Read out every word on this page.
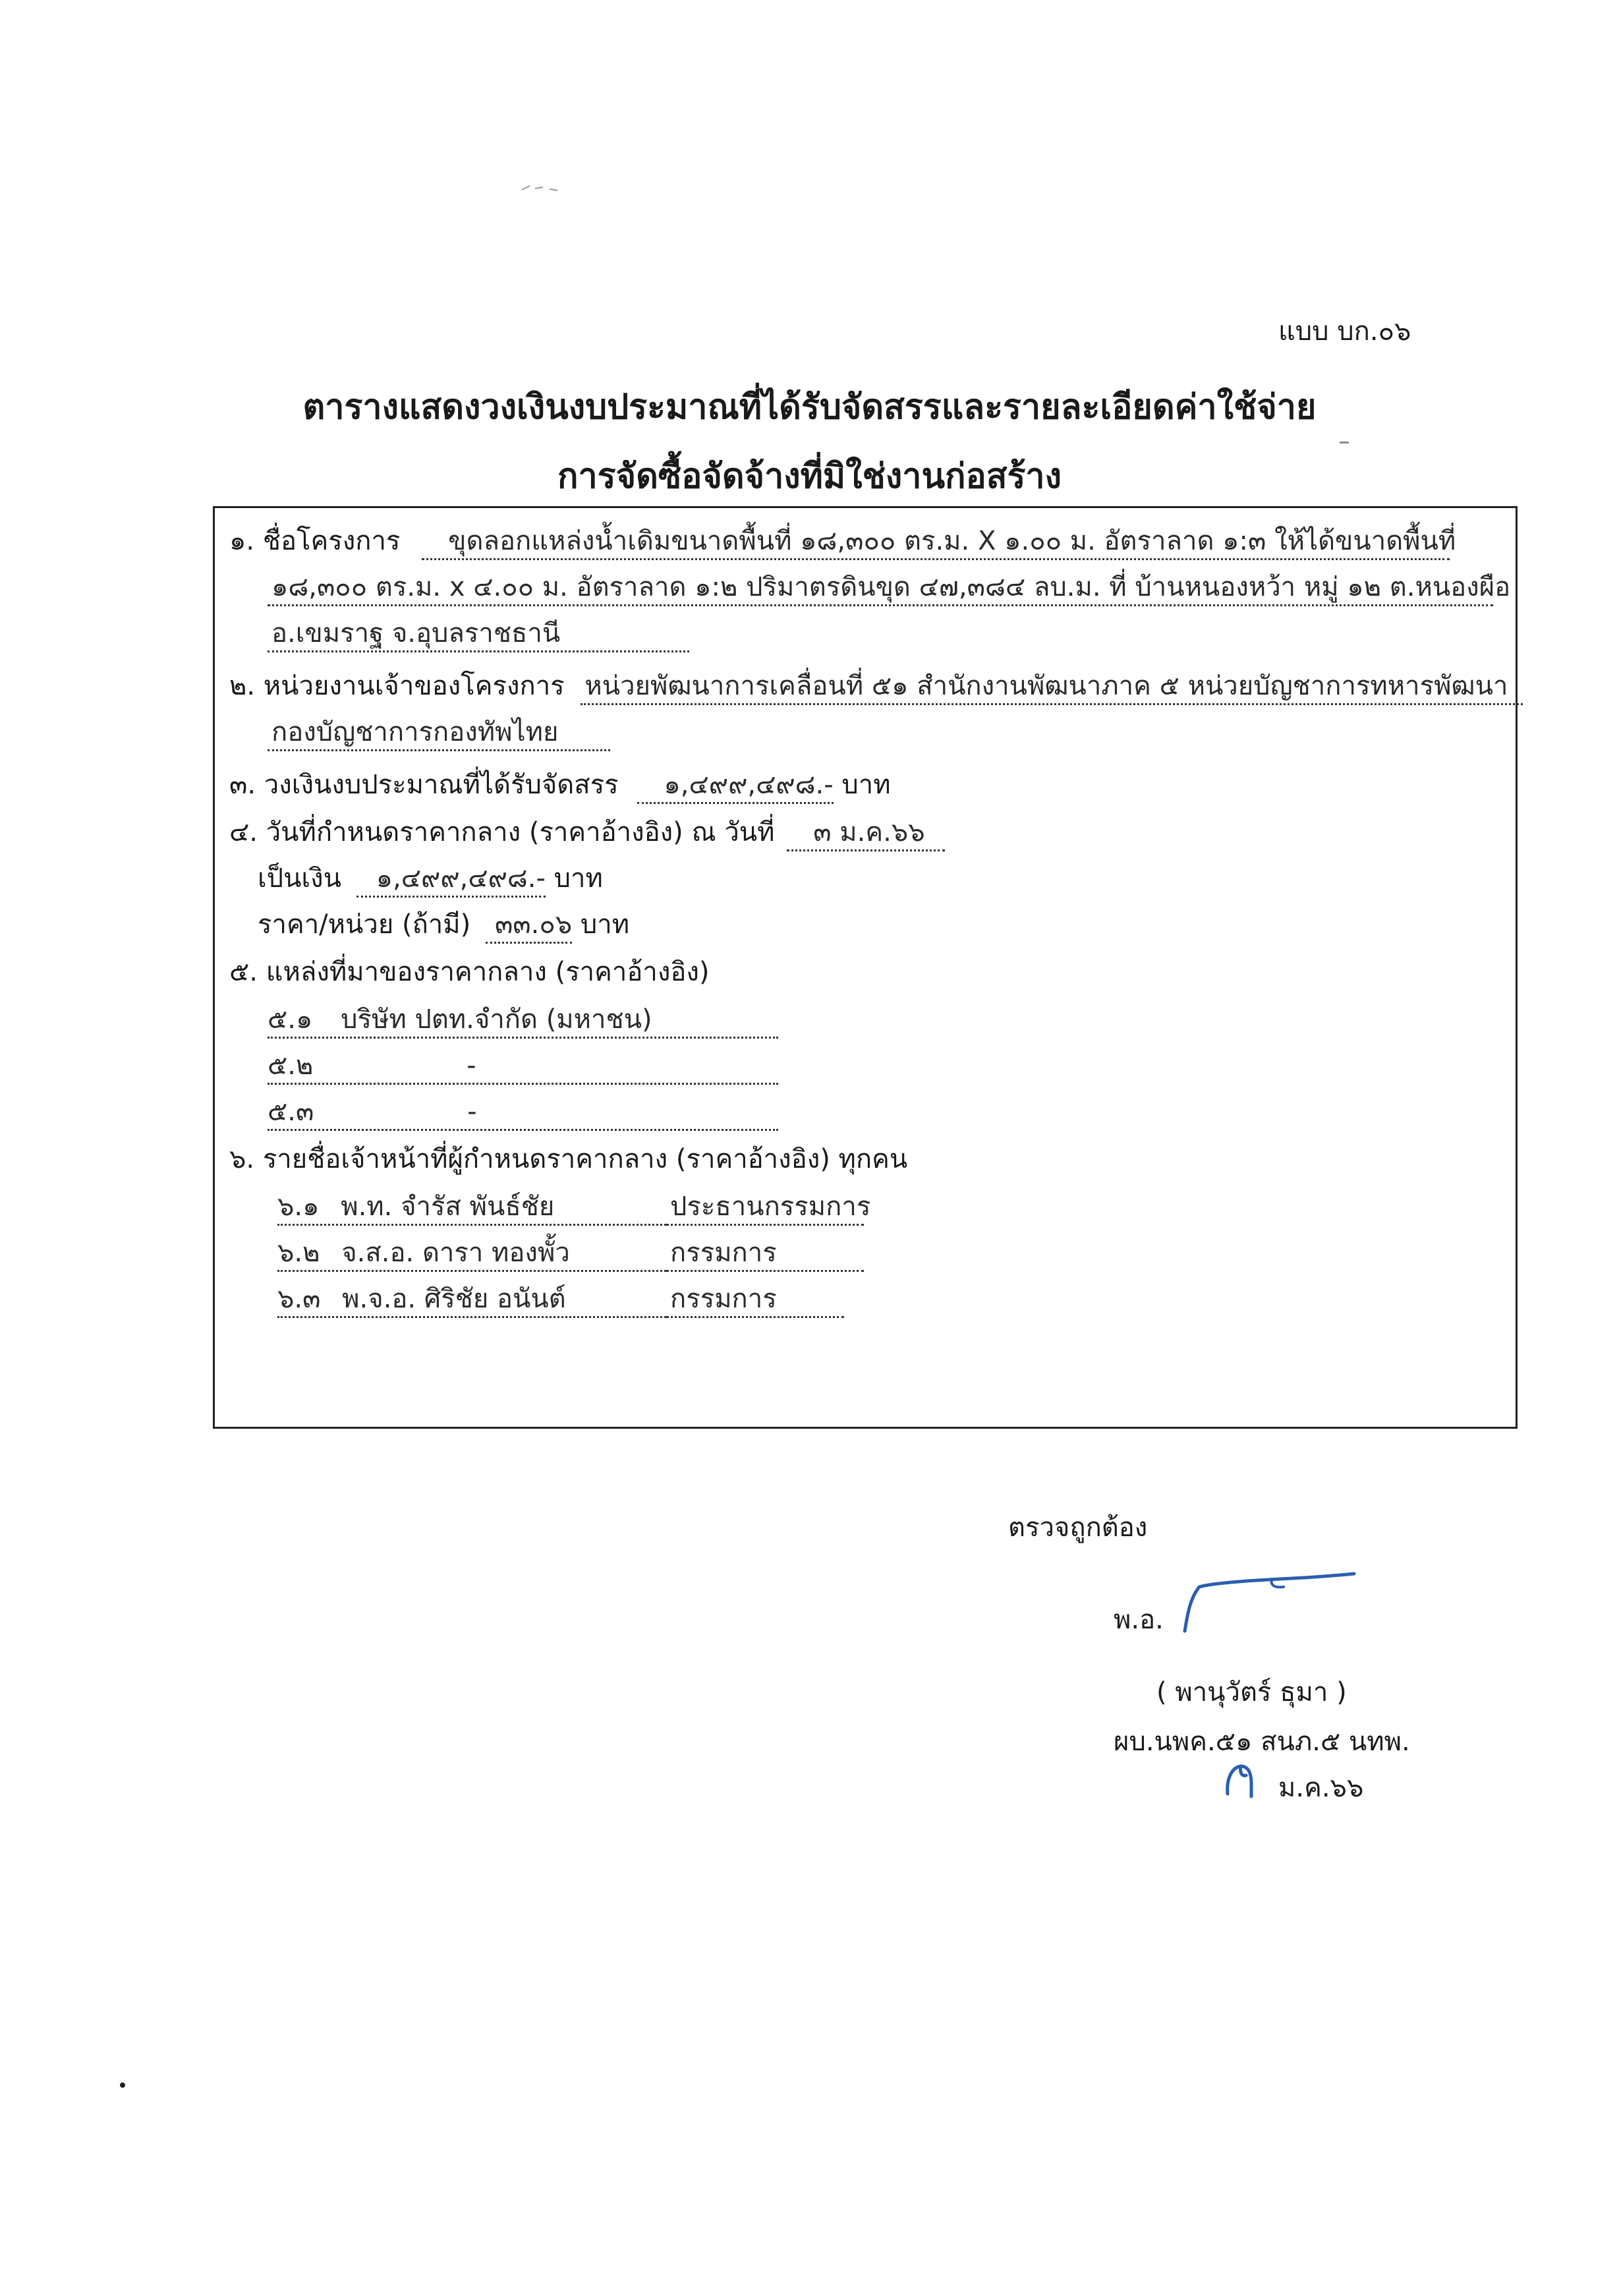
แบบ บก.๐๖
ตารางแสดงวงเงินงบประมาณที่ได้รับจัดสรรและรายละเอียดค่าใช้จ่าย
การจัดซื้อจัดจ้างที่มิใช่งานก่อสร้าง
๑. ชื่อโครงการ ขุดลอกแหล่งน้ำเดิมขนาดพื้นที่ ๑๘,๓๐๐ ตร.ม. X ๑.๐๐ ม. อัตราลาด ๑:๓ ให้ได้ขนาดพื้นที่
๑๘,๓๐๐ ตร.ม. x ๔.๐๐ ม. อัตราลาด ๑:๒ ปริมาตรดินขุด ๔๗,๓๘๔ ลบ.ม. ที่ บ้านหนองหว้า หมู่ ๑๒ ต.หนองผือ
อ.เขมราฐ จ.อุบลราชธานี
๒. หน่วยงานเจ้าของโครงการ หน่วยพัฒนาการเคลื่อนที่ ๕๑ สำนักงานพัฒนาภาค ๕ หน่วยบัญชาการทหารพัฒนา
กองบัญชาการกองทัพไทย
๓. วงเงินงบประมาณที่ได้รับจัดสรร ๑,๔๙๙,๔๙๘.- บาท
๔. วันที่กำหนดราคากลาง (ราคาอ้างอิง) ณ วันที่ ๓ ม.ค.๖๖
เป็นเงิน ๑,๔๙๙,๔๙๘.- บาท
ราคา/หน่วย (ถ้ามี) ๓๓.๐๖ บาท
๕. แหล่งที่มาของราคากลาง (ราคาอ้างอิง)
๕.๑ บริษัท ปตท.จำกัด (มหาชน)
๕.๒	-
๕.๓	-
๖. รายชื่อเจ้าหน้าที่ผู้กำหนดราคากลาง (ราคาอ้างอิง) ทุกคน
๖.๑ พ.ท. จำรัส พันธ์ชัย	ประธานกรรมการ
๖.๒ จ.ส.อ. ดารา ทองพั้ว	กรรมการ
๖.๓ พ.จ.อ. ศิริชัย อนันต์	กรรมการ
ตรวจถูกต้อง
พ.อ.
( พานุวัตร์ ธุมา )
ผบ.นพค.๕๑ สนภ.๕ นทพ.
ม.ค.๖๖
